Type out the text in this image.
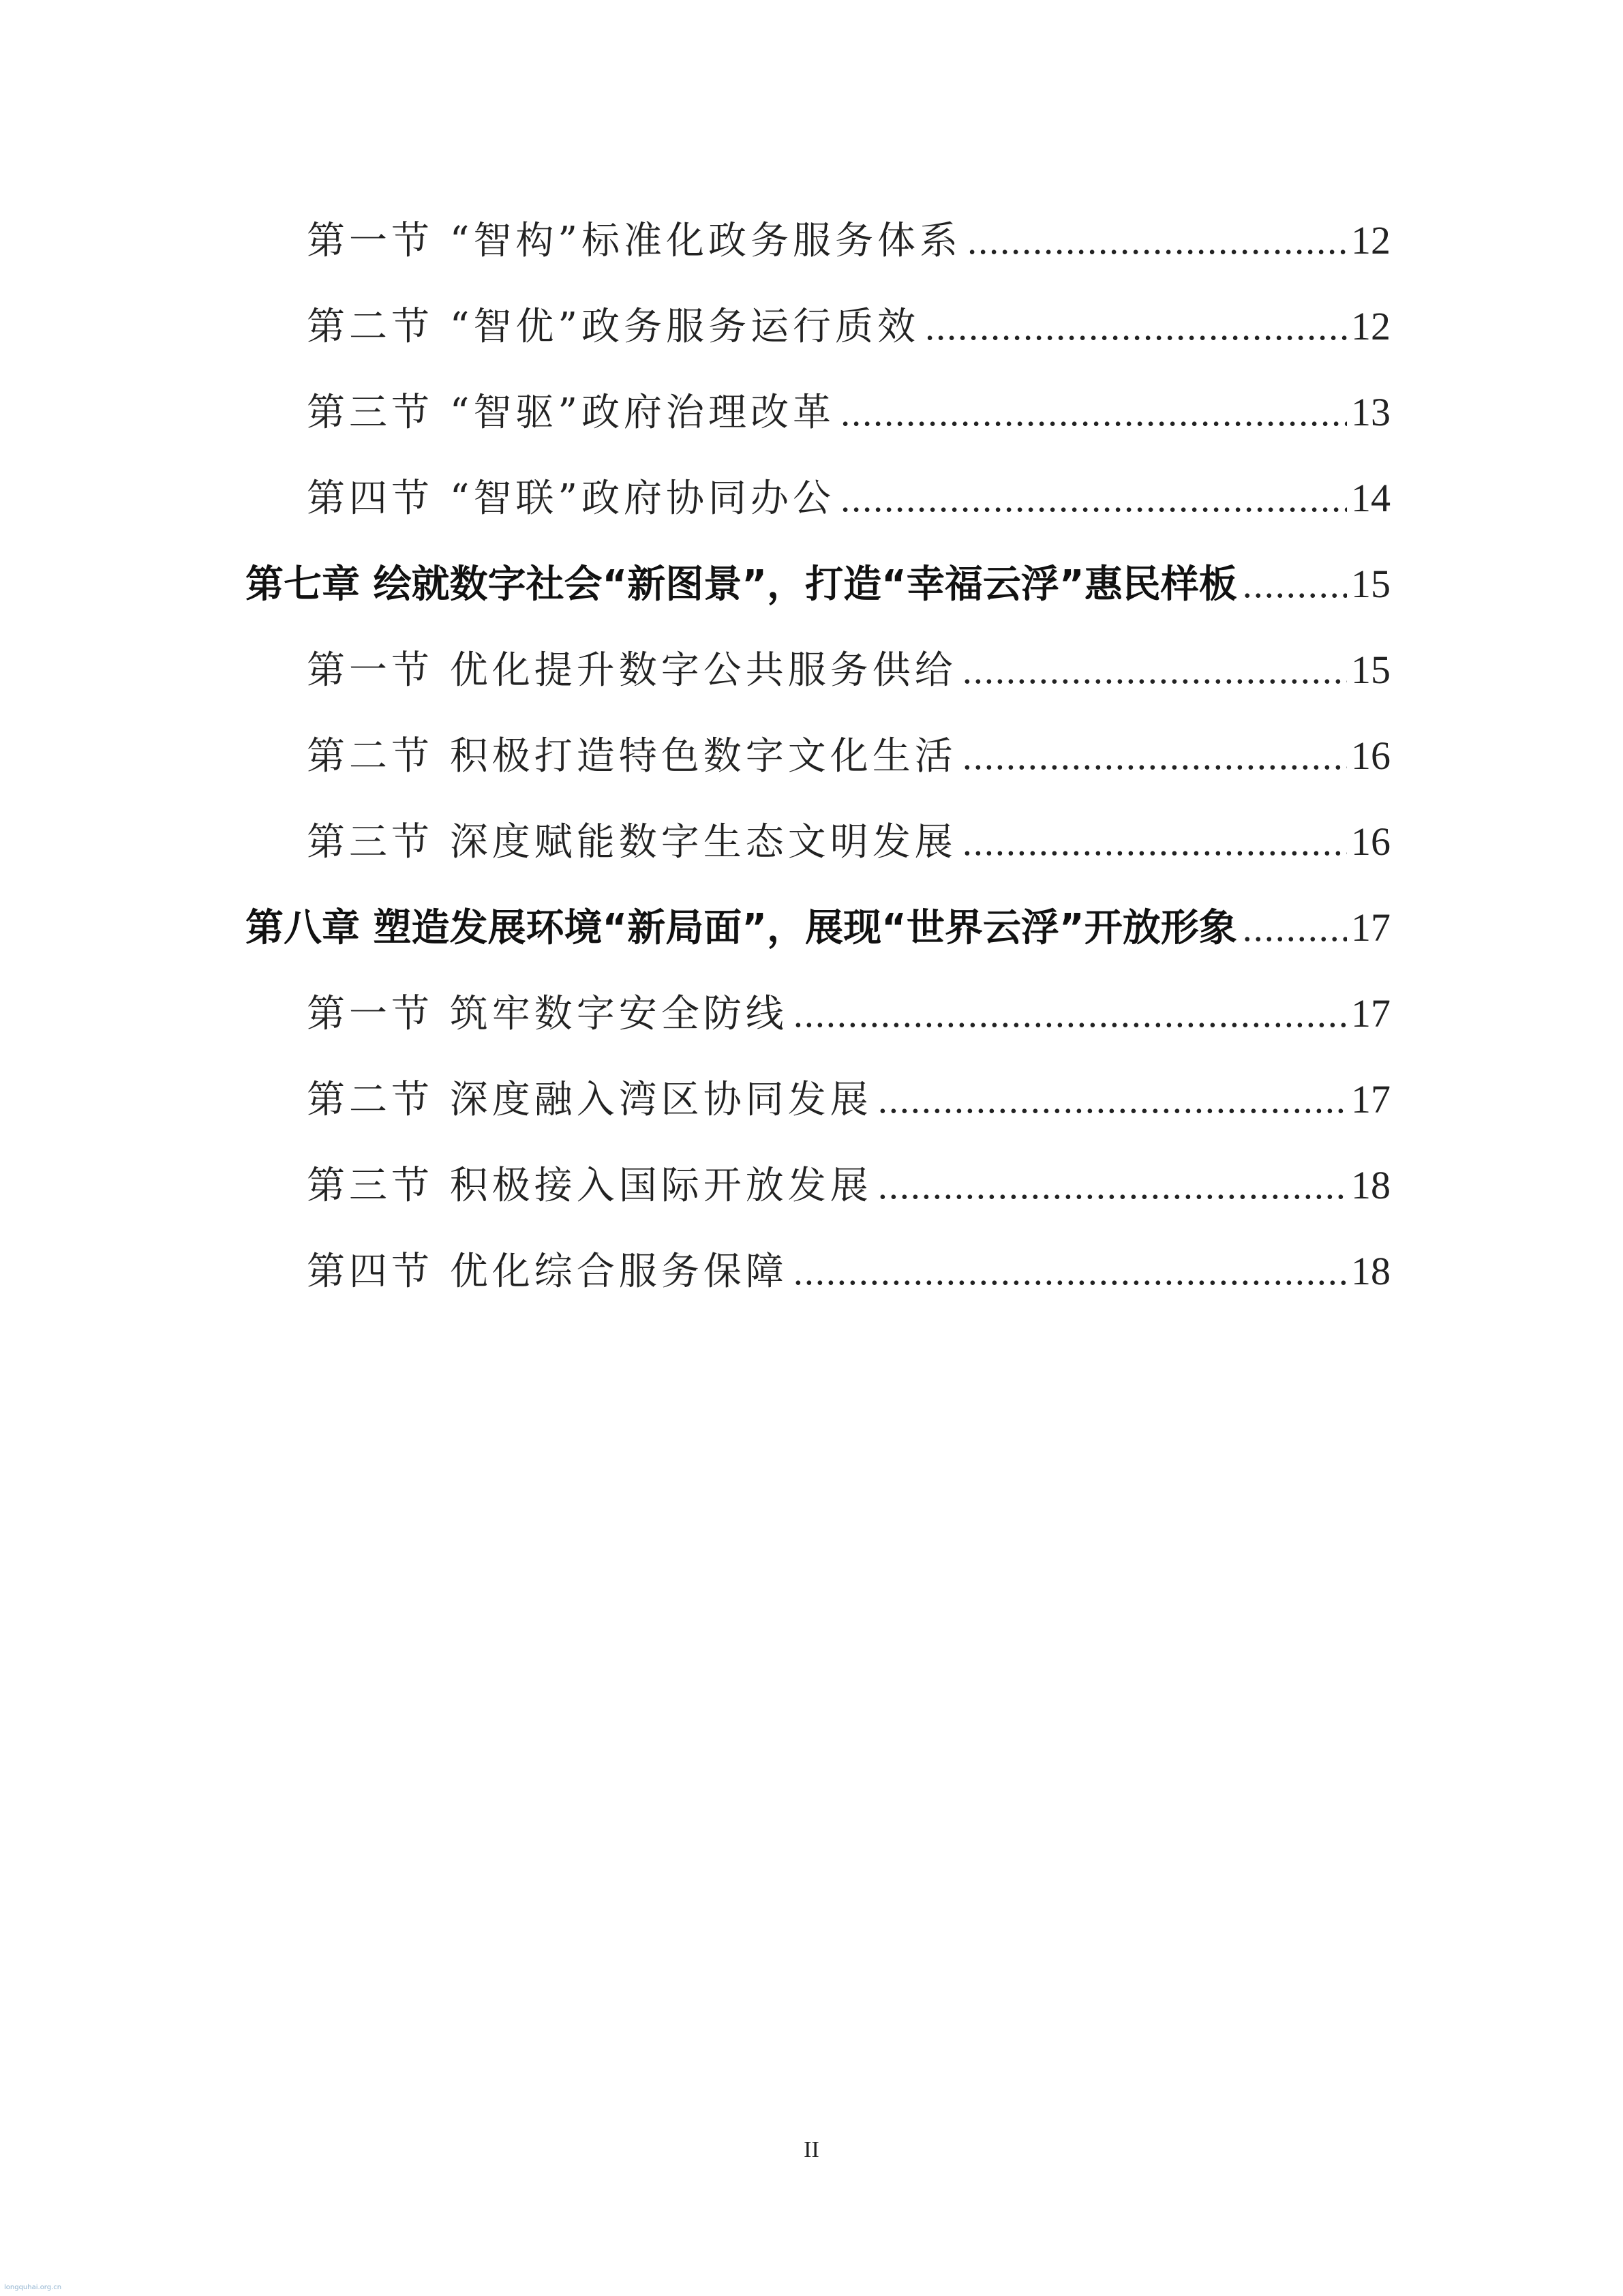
第一节 “智构”标准化政务服务体系 .....	12
第二节 “智优”政务服务运行质效 .....	12
第三节 “智驱”政府治理改革 .....	13
第四节 “智联”政府协同办公 .....	14
第七章 绘就数字社会“新图景”，打造“幸福云浮”惠民样板 .....	15
第一节 优化提升数字公共服务供给 .....	15
第二节 积极打造特色数字文化生活 .....	16
第三节 深度赋能数字生态文明发展 .....	16
第八章 塑造发展环境“新局面”，展现“世界云浮”开放形象 .....	17
第一节 筑牢数字安全防线 .....	17
第二节 深度融入湾区协同发展 .....	17
第三节 积极接入国际开放发展 .....	18
第四节 优化综合服务保障 .....	18
II
longquhai.org.cn
